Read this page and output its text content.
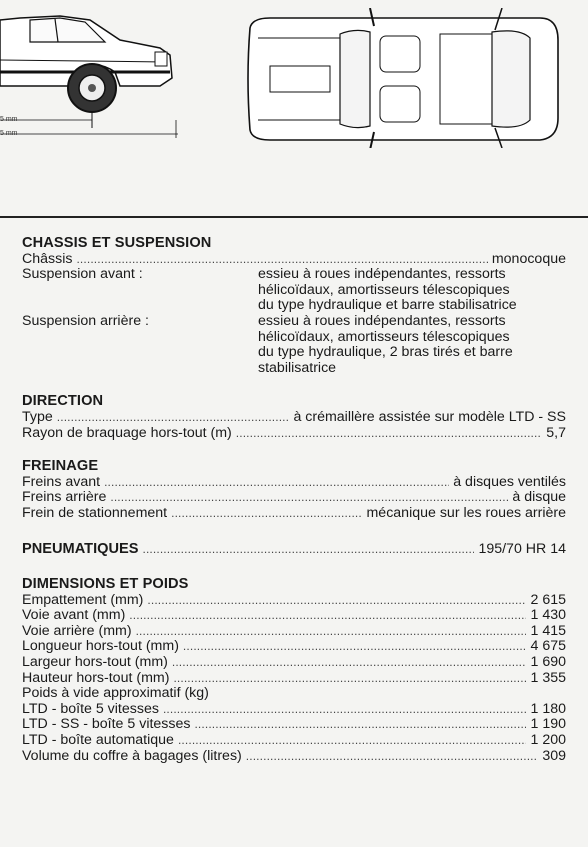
5 mm
5 mm
CHASSIS ET SUSPENSION
Châssis . . .	monocoque
Suspension avant :	essieu à roues indépendantes, ressorts
hélicoïdaux, amortisseurs télescopiques
du type hydraulique et barre stabilisatrice
Suspension arrière :	essieu à roues indépendantes, ressorts
hélicoïdaux, amortisseurs télescopiques
du type hydraulique, 2 bras tirés et barre
stabilisatrice
DIRECTION
Type . . .	à crémaillère assistée sur modèle LTD - SS
Rayon de braquage hors-tout (m) . . .	5,7
FREINAGE
Freins avant . . .	à disques ventilés
Freins arrière . . .	à disque
Frein de stationnement . . .	mécanique sur les roues arrière
PNEUMATIQUES . . .	195/70 HR 14
DIMENSIONS ET POIDS
Empattement (mm) . . .	2 615
Voie avant (mm) . . .	1 430
Voie arrière (mm) . . .	1 415
Longueur hors-tout (mm) . . .	4 675
Largeur hors-tout (mm) . . .	1 690
Hauteur hors-tout (mm) . . .	1 355
Poids à vide approximatif (kg)
LTD - boîte 5 vitesses . . .	1 180
LTD - SS - boîte 5 vitesses . . .	1 190
LTD - boîte automatique . . .	1 200
Volume du coffre à bagages (litres) . . .	309
